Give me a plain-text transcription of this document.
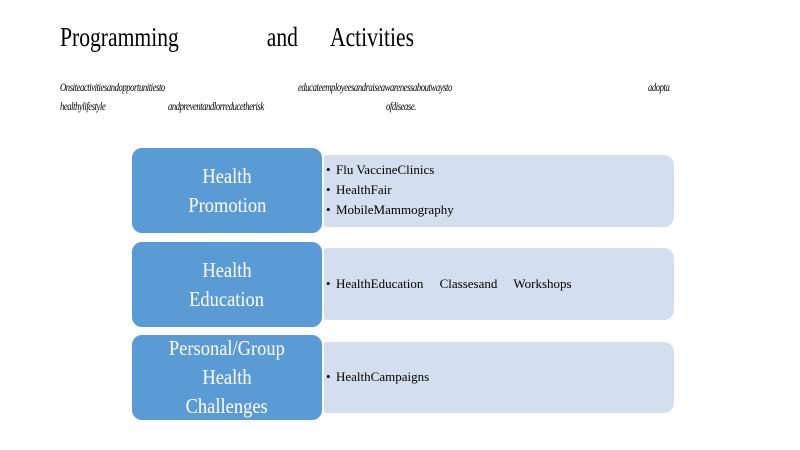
Programming	and Activities
Onsiteactivitiesandopportunitiesto	educateemployeesandraiseawarenessaboutwaysto	adopta
healthylifestyle	andpreventandlorreducetherisk	ofdisease.
Health
Promotion
• Flu VaccineClinics
• HealthFair
• MobileMammography
Health
Education
• HealthEducation     Classesand     Workshops
Personal/Group
Health
Challenges
• HealthCampaigns
